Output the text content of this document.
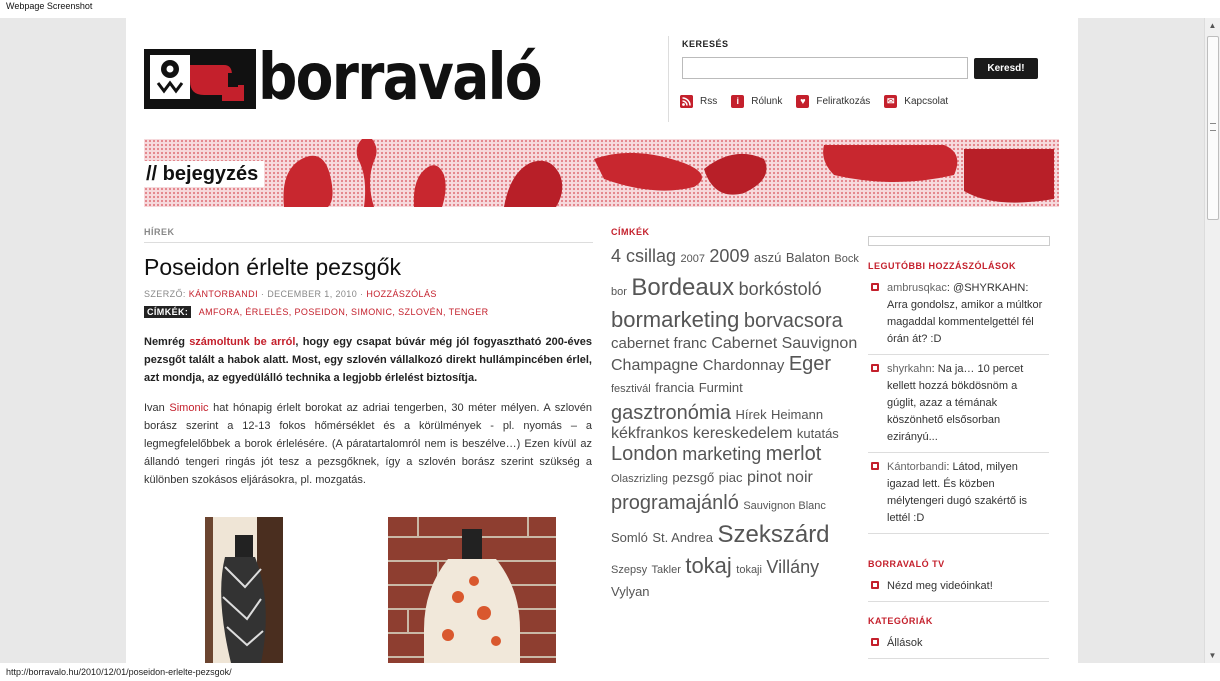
Webpage Screenshot
borravaló	KERESÉS
Keresd!
Rss	i	Rólunk	♥	Feliratkozás	✉ Kapcsolat
// bejegyzés
HÍREK
Poseidon érlelte pezsgők
SZERZŐ: KÁNTORBANDI · DECEMBER 1, 2010 · HOZZÁSZÓLÁS
CÍMKÉK: AMFORA, ÉRLELÉS, POSEIDON, SIMONIC, SZLOVÉN, TENGER
Nemrég számoltunk be arról, hogy egy csapat búvár még jól fogyasztható 200-éves pezsgőt talált a habok alatt. Most, egy szlovén vállalkozó direkt hullámpincében érlel, azt mondja, az egyedülálló technika a legjobb érlelést biztosítja.
Ivan Simonic hat hónapig érlelt borokat az adriai tengerben, 30 méter mélyen. A szlovén borász szerint a 12-13 fokos hőmérséklet és a körülmények - pl. nyomás – a legmegfelelőbbek a borok érlelésére. (A páratartalomról nem is beszélve…) Ezen kívül az állandó tengeri ringás jót tesz a pezsgőknek, így a szlovén borász szerint szükség a különben szokásos eljárásokra, pl. mozgatás.
CÍMKÉK
4 csillag 2007 2009 aszú Balaton Bock bor Bordeaux borkóstoló bormarketing borvacsora cabernet franc Cabernet Sauvignon Champagne Chardonnay Eger fesztivál francia Furmint gasztronómia Hírek Heimann kékfrankos kereskedelem kutatás London marketing merlot Olaszrizling pezsgő piac pinot noir programajánló Sauvignon Blanc Somló St. Andrea Szekszárd Szepsy Takler tokaj tokaji Villány Vylyan
LEGUTÓBBI HOZZÁSZÓLÁSOK
ambrusqkac: @SHYRKAHN: Arra gondolsz, amikor a múltkor magaddal kommentelgettél fél órán át? :D
shyrkahn: Na ja… 10 percet kellett hozzá bökdösnöm a gúglit, azaz a témának köszönhető elsősorban ezirányú...
Kántorbandi: Látod, milyen igazad lett. És közben mélytengeri dugó szakértő is lettél :D
BORRAVALÓ TV
Nézd meg videóinkat!
KATEGÓRIÁK
Állások
▲
▼
http://borravalo.hu/2010/12/01/poseidon-erlelte-pezsgok/
